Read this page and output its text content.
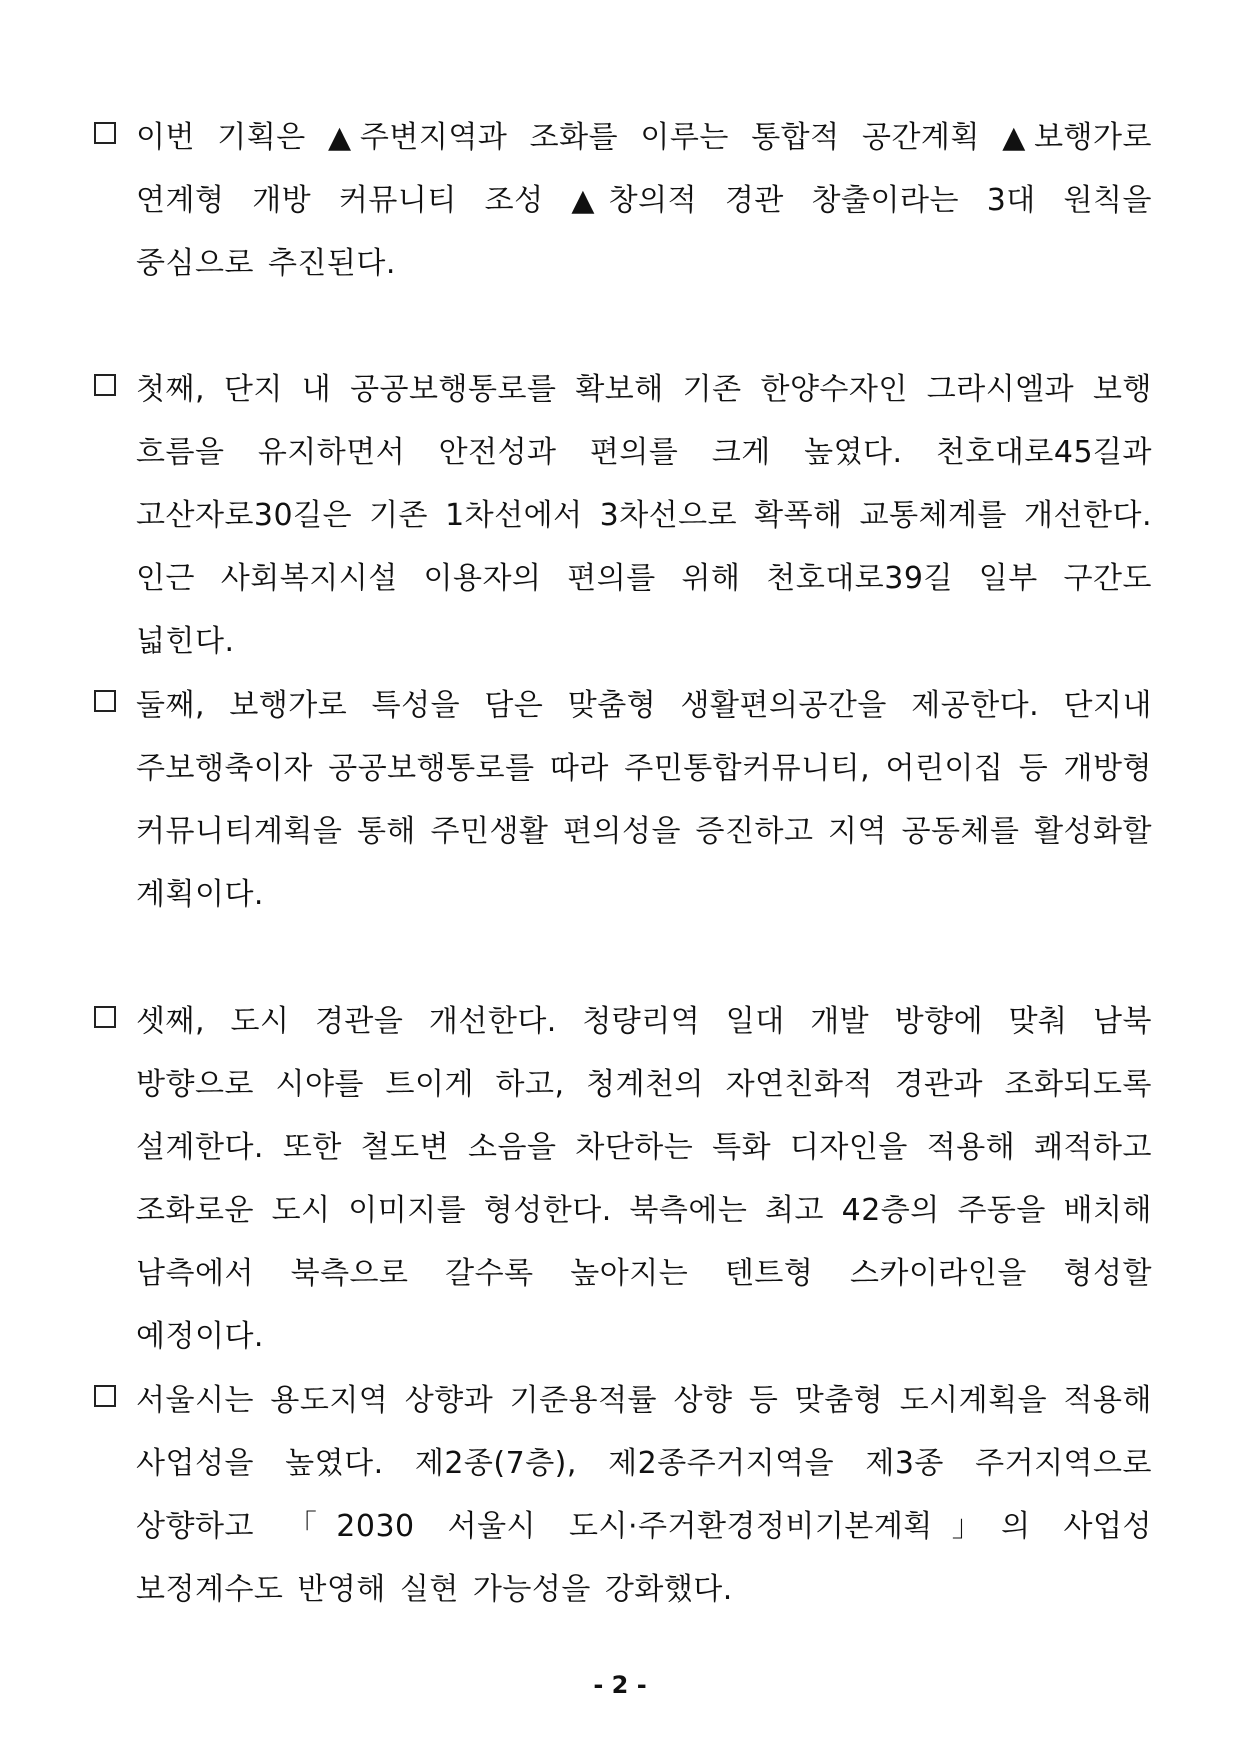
이번 기획은 ▲주변지역과 조화를 이루는 통합적 공간계획 ▲보행가로 연계형 개방 커뮤니티 조성 ▲창의적 경관 창출이라는 3대 원칙을 중심으로 추진된다.
첫째, 단지 내 공공보행통로를 확보해 기존 한양수자인 그라시엘과 보행 흐름을 유지하면서 안전성과 편의를 크게 높였다. 천호대로45길과 고산자로30길은 기존 1차선에서 3차선으로 확폭해 교통체계를 개선한다. 인근 사회복지시설 이용자의 편의를 위해 천호대로39길 일부 구간도 넓힌다.
둘째, 보행가로 특성을 담은 맞춤형 생활편의공간을 제공한다. 단지내 주보행축이자 공공보행통로를 따라 주민통합커뮤니티, 어린이집 등 개방형 커뮤니티계획을 통해 주민생활 편의성을 증진하고 지역 공동체를 활성화할 계획이다.
셋째, 도시 경관을 개선한다. 청량리역 일대 개발 방향에 맞춰 남북 방향으로 시야를 트이게 하고, 청계천의 자연친화적 경관과 조화되도록 설계한다. 또한 철도변 소음을 차단하는 특화 디자인을 적용해 쾌적하고 조화로운 도시 이미지를 형성한다. 북측에는 최고 42층의 주동을 배치해 남측에서 북측으로 갈수록 높아지는 텐트형 스카이라인을 형성할 예정이다.
서울시는 용도지역 상향과 기준용적률 상향 등 맞춤형 도시계획을 적용해 사업성을 높였다. 제2종(7층), 제2종주거지역을 제3종 주거지역으로 상향하고 「2030 서울시 도시·주거환경정비기본계획」의 사업성 보정계수도 반영해 실현 가능성을 강화했다.
- 2 -
